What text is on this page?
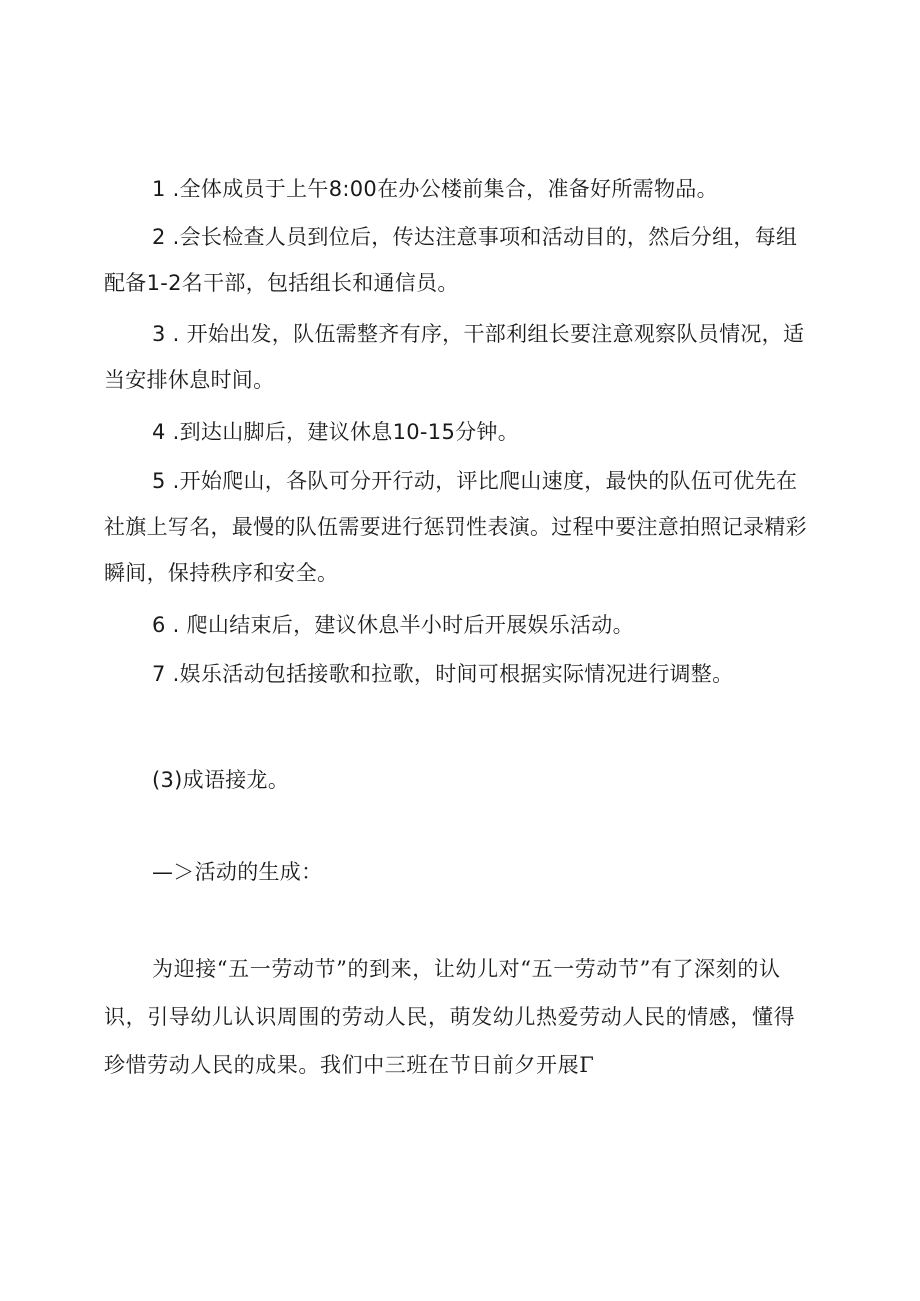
1 .全体成员于上午8:00在办公楼前集合，准备好所需物品。

2 .会长检查人员到位后，传达注意事项和活动目的，然后分组，每组配备1-2名干部，包括组长和通信员。

3 . 开始出发，队伍需整齐有序，干部利组长要注意观察队员情况，适当安排休息时间。

4 .到达山脚后，建议休息10-15分钟。

5 .开始爬山，各队可分开行动，评比爬山速度，最快的队伍可优先在社旗上写名，最慢的队伍需要进行惩罚性表演。过程中要注意拍照记录精彩瞬间，保持秩序和安全。

6 . 爬山结束后，建议休息半小时后开展娱乐活动。

7 .娱乐活动包括接歌和拉歌，时间可根据实际情况进行调整。

(3)成语接龙。

—＞活动的生成：

为迎接“五一劳动节”的到来，让幼儿对“五一劳动节”有了深刻的认识，引导幼儿认识周围的劳动人民，萌发幼儿热爱劳动人民的情感，懂得珍惜劳动人民的成果。我们中三班在节日前夕开展Γ
